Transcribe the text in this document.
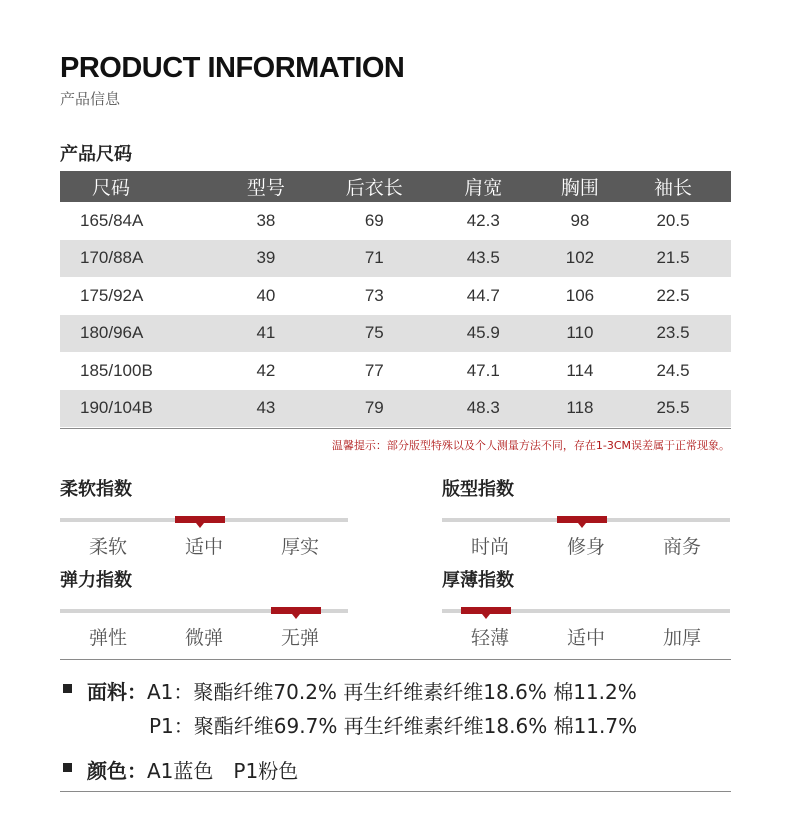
PRODUCT INFORMATION
产品信息
产品尺码
尺码	型号	后衣长	肩宽	胸围	袖长
165/84A	38	69	42.3	98	20.5
170/88A	39	71	43.5	102	21.5
175/92A	40	73	44.7	106	22.5
180/96A	41	75	45.9	110	23.5
185/100B	42	77	47.1	114	24.5
190/104B	43	79	48.3	118	25.5
温馨提示：部分版型特殊以及个人测量方法不同，存在1-3CM误差属于正常现象。
柔软指数
柔软	适中	厚实
版型指数
时尚	修身	商务
弹力指数
弹性	微弹	无弹
厚薄指数
轻薄	适中	加厚
面料：A1：聚酯纤维70.2% 再生纤维素纤维18.6% 棉11.2%
P1：聚酯纤维69.7% 再生纤维素纤维18.6% 棉11.7%
颜色：A1蓝色　P1粉色
